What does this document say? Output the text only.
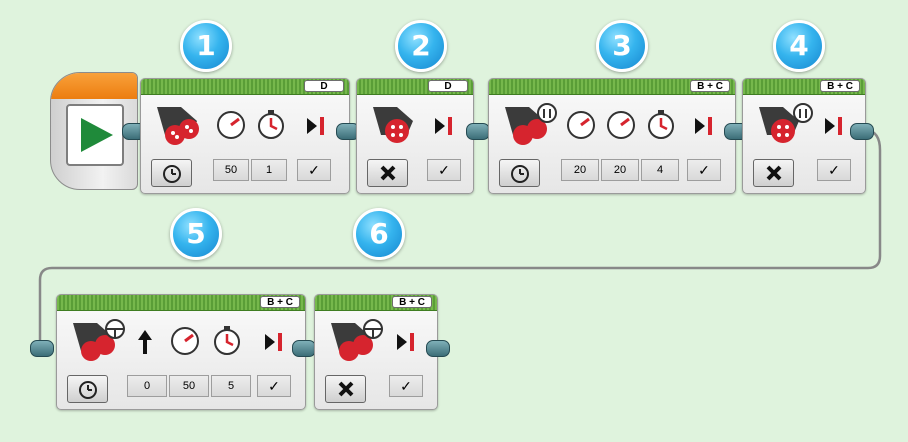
1	2	3	4
5	6
D
50	1	✓
D
✓
B + C
20	20	4	✓
B + C
✓
B + C
0	50	5	✓
B + C
✓
